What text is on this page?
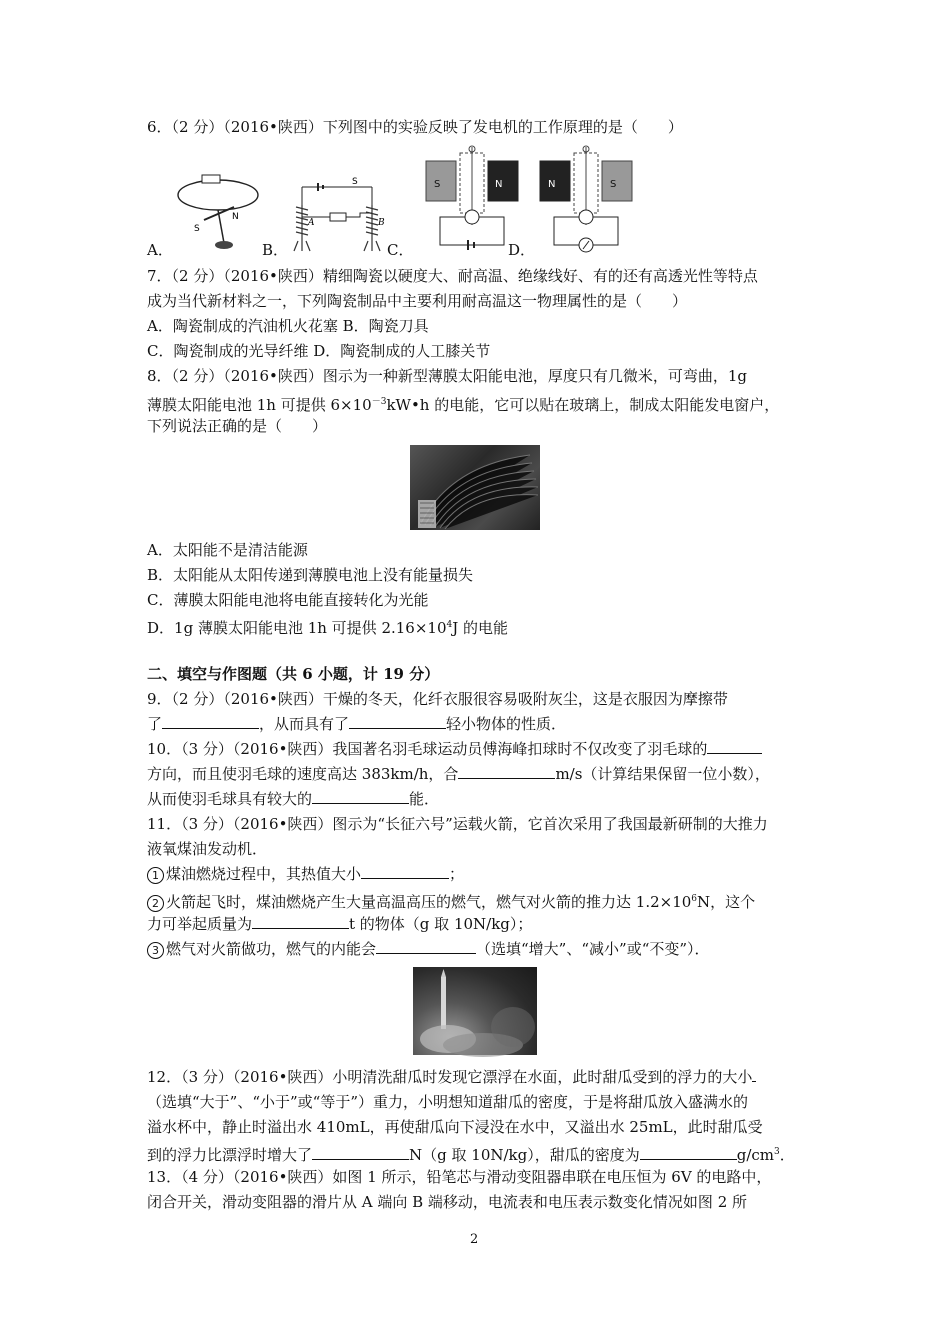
6．（2 分）（2016•陕西）下列图中的实验反映了发电机的工作原理的是（　　）
S
N
A．
S
A	B
B．
S	N
C．
N	S
D．
7．（2 分）（2016•陕西）精细陶瓷以硬度大、耐高温、绝缘线好、有的还有高透光性等特点
成为当代新材料之一，下列陶瓷制品中主要利用耐高温这一物理属性的是（　　）
A．陶瓷制成的汽油机火花塞 B．陶瓷刀具
C．陶瓷制成的光导纤维 D．陶瓷制成的人工膝关节
8．（2 分）（2016•陕西）图示为一种新型薄膜太阳能电池，厚度只有几微米，可弯曲，1g
薄膜太阳能电池 1h 可提供 $6\times 10^{-3}kW•h$ 的电能，它可以贴在玻璃上，制成太阳能发电窗户，
下列说法正确的是（　　）
A．太阳能不是清洁能源
B．太阳能从太阳传递到薄膜电池上没有能量损失
C．薄膜太阳能电池将电能直接转化为光能
D．1g 薄膜太阳能电池 1h 可提供 $2.16\times 10^4J$ 的电能
二、填空与作图题（共 6 小题，计 19 分）
9．（2 分）（2016•陕西）干燥的冬天，化纤衣服很容易吸附灰尘，这是衣服因为摩擦带
了	，从而具有了	轻小物体的性质．
10．（3 分）（2016•陕西）我国著名羽毛球运动员傅海峰扣球时不仅改变了羽毛球的
方向，而且使羽毛球的速度高达 383km/h，合	m/s（计算结果保留一位小数），
从而使羽毛球具有较大的	能．
11．（3 分）（2016•陕西）图示为“长征六号”运载火箭，它首次采用了我国最新研制的大推力
液氧煤油发动机．
1 煤油燃烧过程中，其热值大小	；
2 火箭起飞时，煤油燃烧产生大量高温高压的燃气，燃气对火箭的推力达 $1.2\times 10^6N$，这个
力可举起质量为	t 的物体（g 取 10N/kg）；
3 燃气对火箭做功，燃气的内能会	（选填“增大”、“减小”或“不变”）．
12．（3 分）（2016•陕西）小明清洗甜瓜时发现它漂浮在水面，此时甜瓜受到的浮力的大小
（选填“大于”、“小于”或“等于”）重力，小明想知道甜瓜的密度，于是将甜瓜放入盛满水的
溢水杯中，静止时溢出水 410mL，再使甜瓜向下浸没在水中，又溢出水 25mL，此时甜瓜受
到的浮力比漂浮时增大了	N（g 取 10N/kg），甜瓜的密度为	$g/cm^3$．
13．（4 分）（2016•陕西）如图 1 所示，铅笔芯与滑动变阻器串联在电压恒为 6V 的电路中，
闭合开关，滑动变阻器的滑片从 A 端向 B 端移动，电流表和电压表示数变化情况如图 2 所
2
